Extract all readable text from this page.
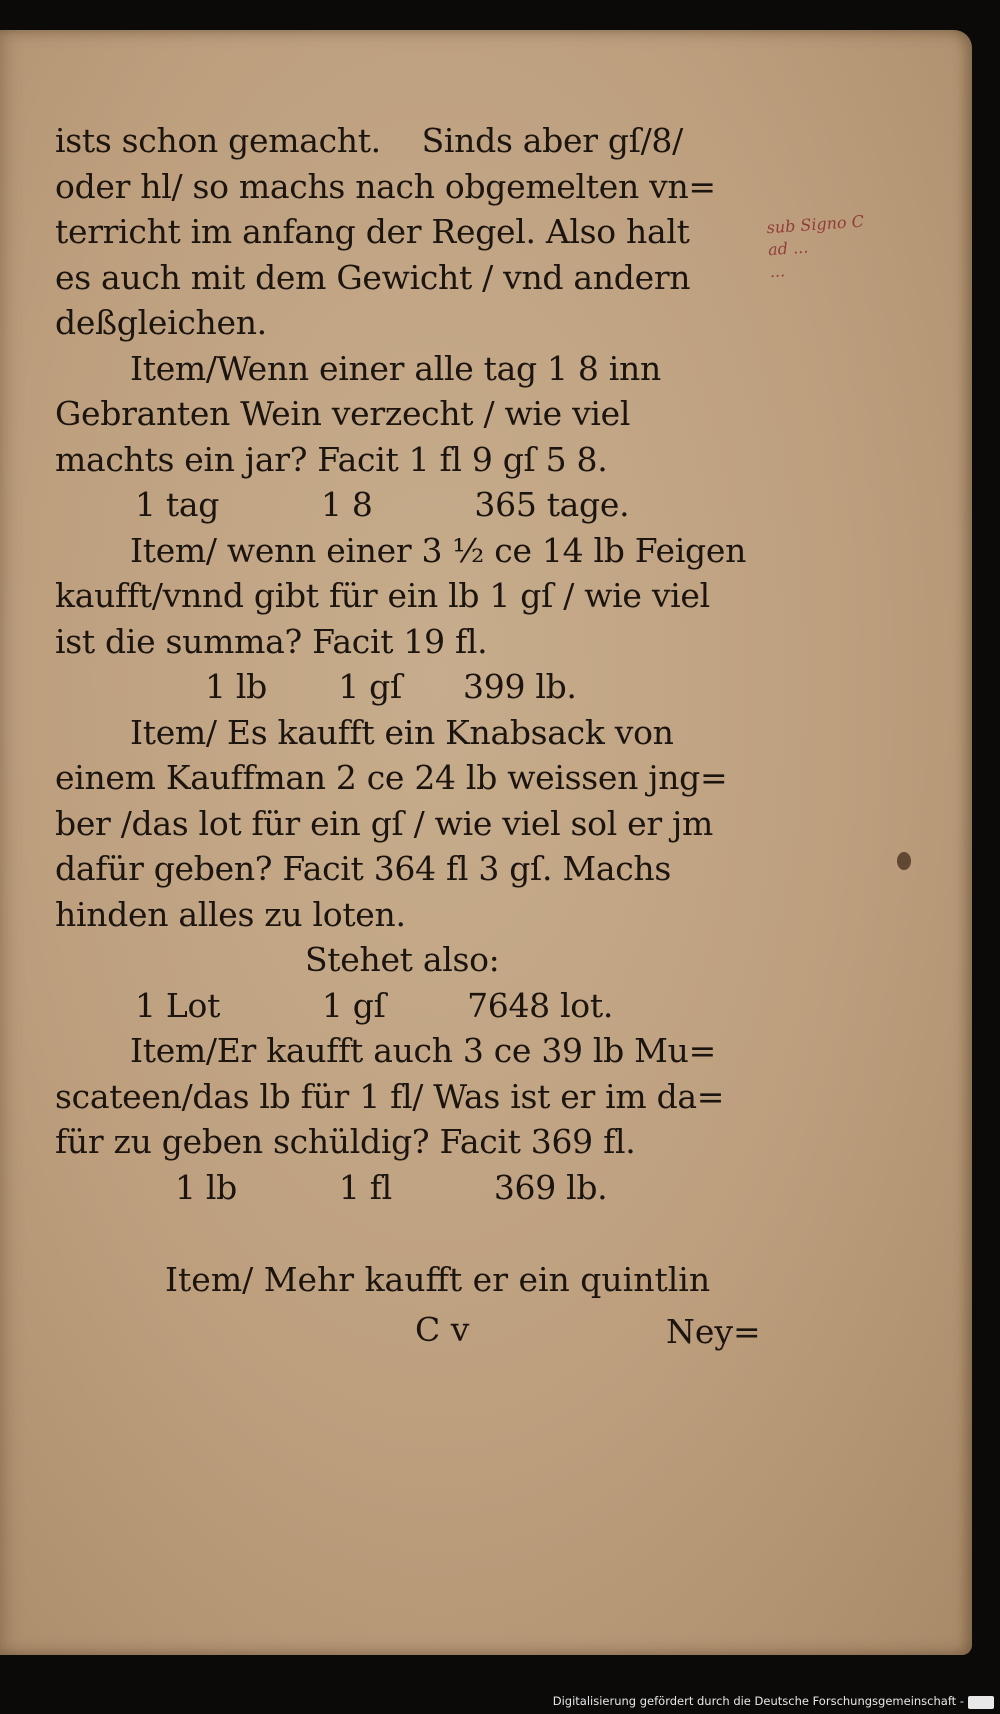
ists schon gemacht.    Sinds aber gſ/8/
oder hl/ so machs nach obgemelten vn=
terricht im anfang der Regel. Also halt
es auch mit dem Gewicht / vnd andern
deßgleichen.
Item/Wenn einer alle tag 1 8 inn
Gebranten Wein verzecht / wie viel
machts ein jar? Facit 1 fl 9 gſ 5 8.
1 tag          1 8          365 tage.
Item/ wenn einer 3 ½ ce 14 lb Feigen
kaufft/vnnd gibt für ein lb 1 gſ / wie viel
ist die summa? Facit 19 fl.
1 lb       1 gſ      399 lb.
Item/ Es kaufft ein Knabsack von
einem Kauffman 2 ce 24 lb weissen jng=
ber /das lot für ein gſ / wie viel sol er jm
dafür geben? Facit 364 fl 3 gſ. Machs
hinden alles zu loten.
Stehet also:
1 Lot          1 gſ        7648 lot.
Item/Er kaufft auch 3 ce 39 lb Mu=
scateen/das lb für 1 fl/ Was ist er im da=
für zu geben schüldig? Facit 369 fl.
1 lb          1 fl          369 lb.
sub Signo C
ad ...
...
Item/ Mehr kaufft er ein quintlin
C v	Ney=
Digitalisierung gefördert durch die Deutsche Forschungsgemeinschaft -
